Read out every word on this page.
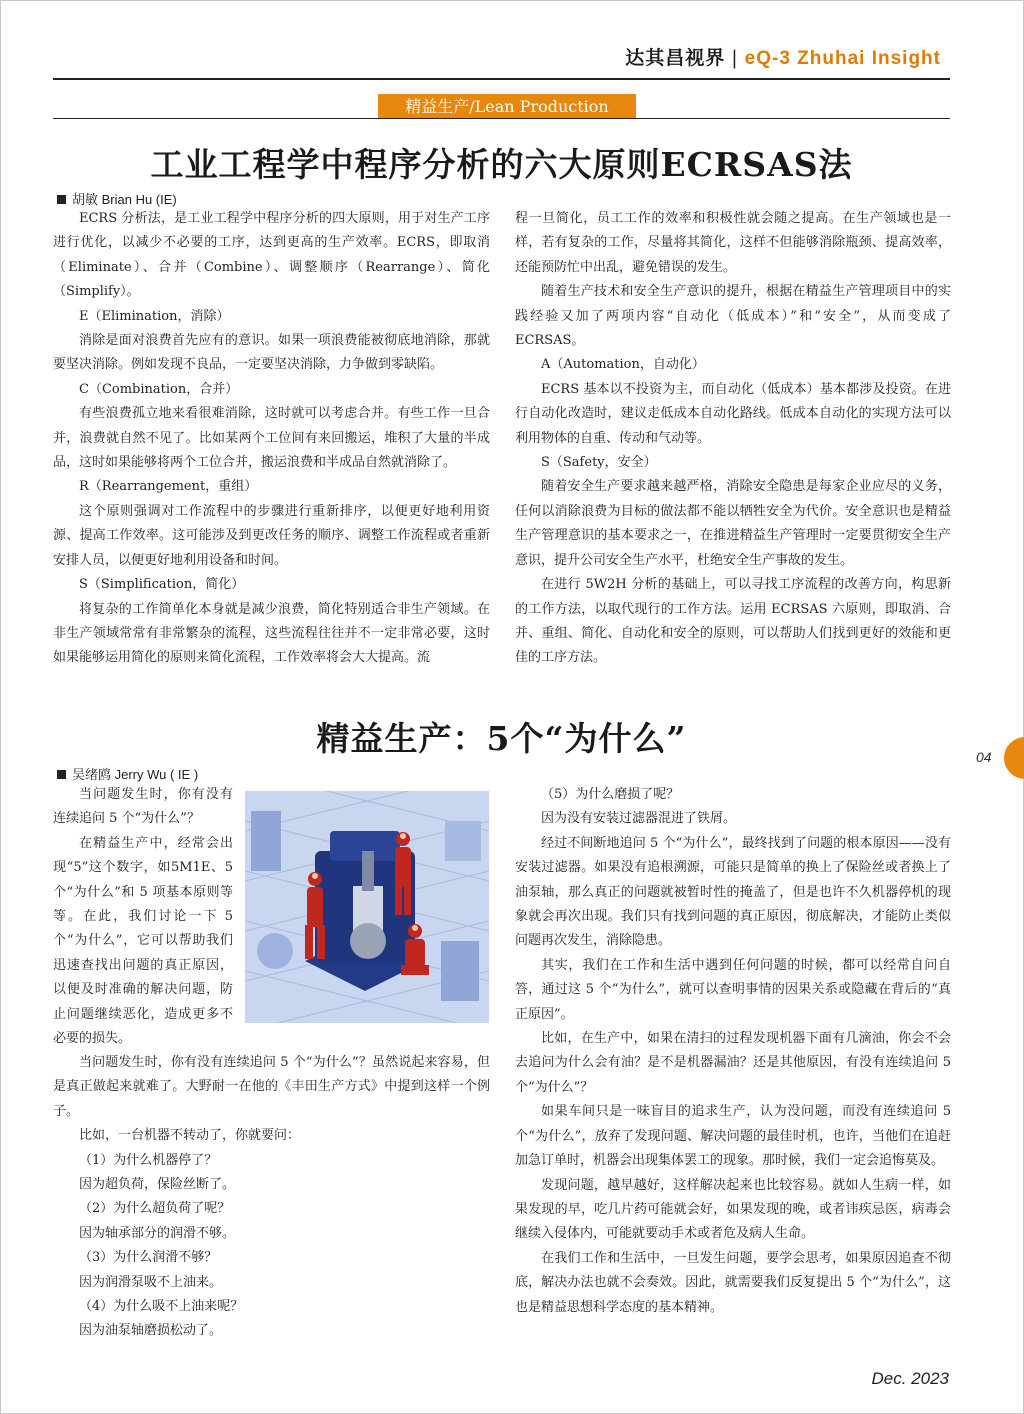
达其昌视界 | eQ-3 Zhuhai Insight
精益生产/Lean Production
工业工程学中程序分析的六大原则ECRSAS法
胡敏 Brian Hu (IE)

ECRS 分析法，是工业工程学中程序分析的四大原则，用于对生产工序进行优化，以减少不必要的工序，达到更高的生产效率。ECRS，即取消（Eliminate）、合并（Combine）、调整顺序（Rearrange）、简化（Simplify）。

E（Elimination，消除）

消除是面对浪费首先应有的意识。如果一项浪费能被彻底地消除，那就要坚决消除。例如发现不良品，一定要坚决消除，力争做到零缺陷。

C（Combination，合并）

有些浪费孤立地来看很难消除，这时就可以考虑合并。有些工作一旦合并，浪费就自然不见了。比如某两个工位间有来回搬运，堆积了大量的半成品，这时如果能够将两个工位合并，搬运浪费和半成品自然就消除了。

R（Rearrangement，重组）

这个原则强调对工作流程中的步骤进行重新排序，以便更好地利用资源、提高工作效率。这可能涉及到更改任务的顺序、调整工作流程或者重新安排人员，以便更好地利用设备和时间。

S（Simplification，简化）

将复杂的工作简单化本身就是减少浪费，简化特别适合非生产领域。在非生产领域常常有非常繁杂的流程，这些流程往往并不一定非常必要，这时如果能够运用简化的原则来简化流程，工作效率将会大大提高。流

程一旦简化，员工工作的效率和积极性就会随之提高。在生产领域也是一样，若有复杂的工作，尽量将其简化，这样不但能够消除瓶颈、提高效率，还能预防忙中出乱，避免错误的发生。

随着生产技术和安全生产意识的提升，根据在精益生产管理项目中的实践经验又加了两项内容“自动化（低成本）”和“安全”，从而变成了 ECRSAS。

A（Automation，自动化）

ECRS 基本以不投资为主，而自动化（低成本）基本都涉及投资。在进行自动化改造时，建议走低成本自动化路线。低成本自动化的实现方法可以利用物体的自重、传动和气动等。

S（Safety，安全）

随着安全生产要求越来越严格，消除安全隐患是每家企业应尽的义务，任何以消除浪费为目标的做法都不能以牺牲安全为代价。安全意识也是精益生产管理意识的基本要求之一，在推进精益生产管理时一定要贯彻安全生产意识，提升公司安全生产水平，杜绝安全生产事故的发生。

在进行 5W2H 分析的基础上，可以寻找工序流程的改善方向，构思新的工作方法，以取代现行的工作方法。运用 ECRSAS 六原则，即取消、合并、重组、简化、自动化和安全的原则，可以帮助人们找到更好的效能和更佳的工序方法。

精益生产：5个“为什么”
吴绪鸥 Jerry Wu ( IE )

当问题发生时，你有没有连续追问 5 个“为什么”？

在精益生产中，经常会出现“5”这个数字，如5M1E、5 个“为什么”和 5 项基本原则等等。在此，我们讨论一下 5 个“为什么”，它可以帮助我们迅速查找出问题的真正原因，以便及时准确的解决问题，防止问题继续恶化，造成更多不必要的损失。

当问题发生时，你有没有连续追问 5 个“为什么”？虽然说起来容易，但是真正做起来就难了。大野耐一在他的《丰田生产方式》中提到这样一个例子。

比如，一台机器不转动了，你就要问：

（1）为什么机器停了？

因为超负荷，保险丝断了。

（2）为什么超负荷了呢？

因为轴承部分的润滑不够。

（3）为什么润滑不够？

因为润滑泵吸不上油来。

（4）为什么吸不上油来呢？

因为油泵轴磨损松动了。

（5）为什么磨损了呢？

因为没有安装过滤器混进了铁屑。

经过不间断地追问 5 个“为什么”，最终找到了问题的根本原因——没有安装过滤器。如果没有追根溯源，可能只是简单的换上了保险丝或者换上了油泵轴，那么真正的问题就被暂时性的掩盖了，但是也许不久机器停机的现象就会再次出现。我们只有找到问题的真正原因，彻底解决，才能防止类似问题再次发生，消除隐患。

其实，我们在工作和生活中遇到任何问题的时候，都可以经常自问自答，通过这 5 个“为什么”，就可以查明事情的因果关系或隐藏在背后的“真正原因”。

比如，在生产中，如果在清扫的过程发现机器下面有几滴油，你会不会去追问为什么会有油？是不是机器漏油？还是其他原因，有没有连续追问 5 个“为什么”？

如果车间只是一味盲目的追求生产，认为没问题，而没有连续追问 5 个“为什么”，放弃了发现问题、解决问题的最佳时机，也许，当他们在追赶加急订单时，机器会出现集体罢工的现象。那时候，我们一定会追悔莫及。

发现问题，越早越好，这样解决起来也比较容易。就如人生病一样，如果发现的早，吃几片药可能就会好，如果发现的晚，或者讳疾忌医，病毒会继续入侵体内，可能就要动手术或者危及病人生命。

在我们工作和生活中，一旦发生问题，要学会思考，如果原因追查不彻底，解决办法也就不会奏效。因此，就需要我们反复提出 5 个“为什么”，这也是精益思想科学态度的基本精神。

04
Dec. 2023
